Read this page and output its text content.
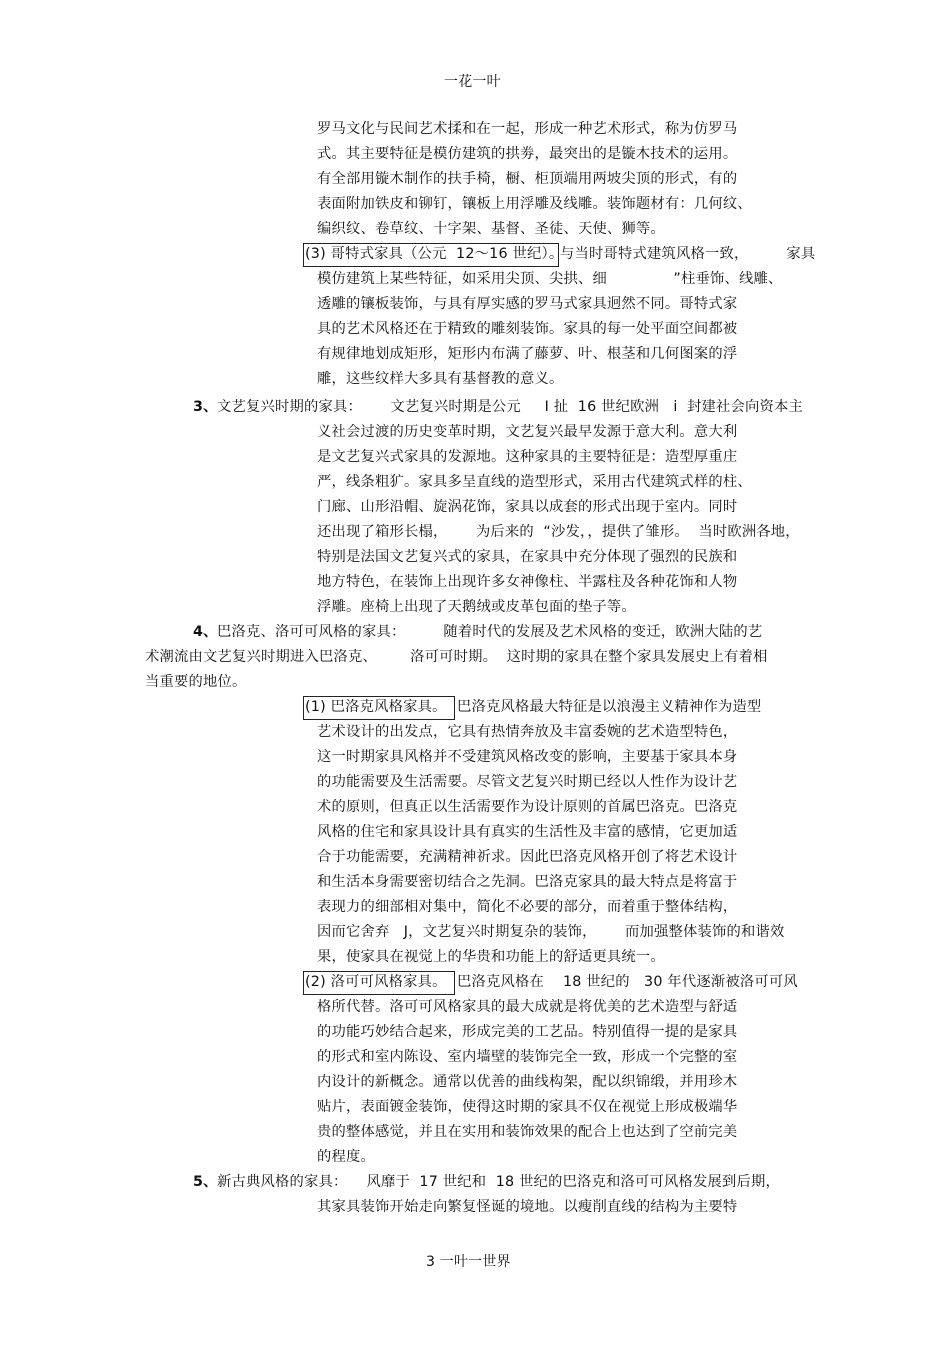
一花一叶
罗马文化与民间艺术揉和在一起，形成一种艺术形式，称为仿罗马
式。其主要特征是模仿建筑的拱劵，最突出的是镟木技术的运用。
有全部用镟木制作的扶手椅，橱、柜顶端用两坡尖顶的形式，有的
表面附加铁皮和铆钉，镶板上用浮雕及线雕。装饰题材有：几何纹、
编织纹、卷草纹、十字架、基督、圣徒、天使、狮等。
(3) 哥特式家具（公元  12～16 世纪）。
与当时哥特式建筑风格一致，        家具
模仿建筑上某些特征，如采用尖顶、尖拱、细              ”柱垂饰、线雕、
透雕的镶板装饰，与具有厚实感的罗马式家具迥然不同。哥特式家
具的艺术风格还在于精致的雕刻装饰。家具的每一处平面空间都被
有规律地划成矩形，矩形内布满了藤萝、叶、根茎和几何图案的浮
雕，这些纹样大多具有基督教的意义。
3、 文艺复兴时期的家具：      文艺复兴时期是公元     I 扯  16 世纪欧洲   i  封建社会向资本主
义社会过渡的历史变革时期，文艺复兴最早发源于意大利。意大利
是文艺复兴式家具的发源地。这种家具的主要特征是：造型厚重庄
严，线条粗犷。家具多呈直线的造型形式，采用古代建筑式样的柱、
门廊、山形沿帽、旋涡花饰，家具以成套的形式出现于室内。同时
还出现了箱形长榻，      为后来的  “沙发，，提供了雏形。  当时欧洲各地，
特别是法国文艺复兴式的家具，在家具中充分体现了强烈的民族和
地方特色，在装饰上出现许多女神像柱、半露柱及各种花饰和人物
浮雕。座椅上出现了天鹅绒或皮革包面的垫子等。
4、 巴洛克、洛可可风格的家具：        随着时代的发展及艺术风格的变迁，欧洲大陆的艺
术潮流由文艺复兴时期进入巴洛克、       洛可可时期。  这时期的家具在整个家具发展史上有着相
当重要的地位。
(1) 巴洛克风格家具。 巴洛克风格最大特征是以浪漫主义精神作为造型
艺术设计的出发点，它具有热情奔放及丰富委婉的艺术造型特色，
这一时期家具风格并不受建筑风格改变的影响，主要基于家具本身
的功能需要及生活需要。尽管文艺复兴时期已经以人性作为设计艺
术的原则，但真正以生活需要作为设计原则的首属巴洛克。巴洛克
风格的住宅和家具设计具有真实的生活性及丰富的感情，它更加适
合于功能需要，充满精神祈求。因此巴洛克风格开创了将艺术设计
和生活本身需要密切结合之先洞。巴洛克家具的最大特点是将富于
表现力的细部相对集中，简化不必要的部分，而着重于整体结构，
因而它舍弃   J，文艺复兴时期复杂的装饰，      而加强整体装饰的和谐效
果，使家具在视觉上的华贵和功能上的舒适更具统一。
(2) 洛可可风格家具。 巴洛克风格在    18 世纪的   30 年代逐渐被洛可可风
格所代替。洛可可风格家具的最大成就是将优美的艺术造型与舒适
的功能巧妙结合起来，形成完美的工艺品。特别值得一提的是家具
的形式和室内陈设、室内墙壁的装饰完全一致，形成一个完整的室
内设计的新概念。通常以优善的曲线构架，配以织锦缎，并用珍木
贴片，表面镀金装饰，使得这时期的家具不仅在视觉上形成极端华
贵的整体感觉，并且在实用和装饰效果的配合上也达到了空前完美
的程度。
5、 新古典风格的家具：    风靡于  17 世纪和  18 世纪的巴洛克和洛可可风格发展到后期，
其家具装饰开始走向繁复怪诞的境地。以瘦削直线的结构为主要特
3 一叶一世界
